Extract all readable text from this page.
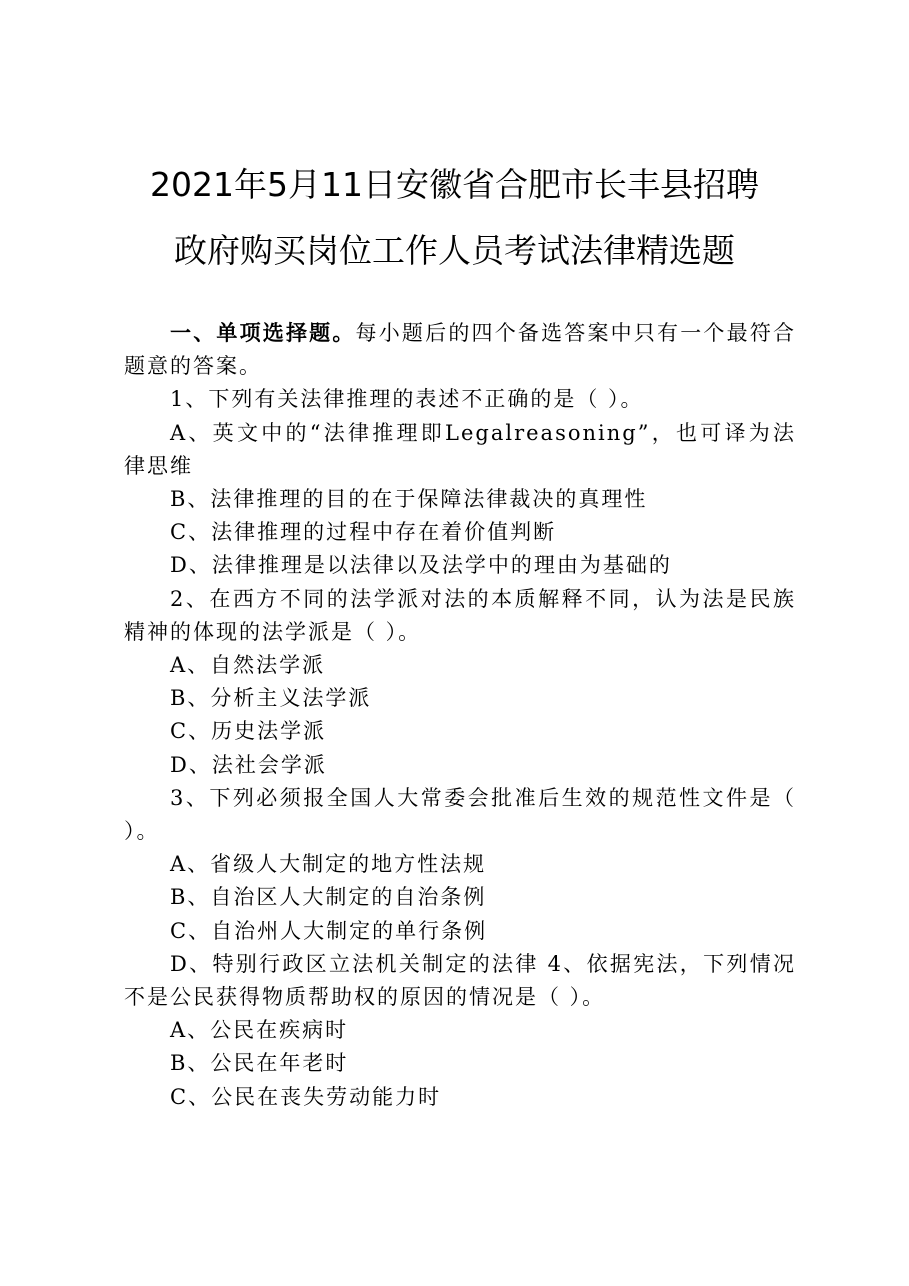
2021年5月11日安徽省合肥市长丰县招聘
政府购买岗位工作人员考试法律精选题

一、单项选择题。每小题后的四个备选答案中只有一个最符合题意的答案。

1、下列有关法律推理的表述不正确的是（ ）。

A、英文中的“法律推理即Legalreasoning”，也可译为法律思维

B、法律推理的目的在于保障法律裁决的真理性

C、法律推理的过程中存在着价值判断

D、法律推理是以法律以及法学中的理由为基础的

2、在西方不同的法学派对法的本质解释不同，认为法是民族精神的体现的法学派是（ ）。

A、自然法学派

B、分析主义法学派

C、历史法学派

D、法社会学派

3、下列必须报全国人大常委会批准后生效的规范性文件是（ ）。

A、省级人大制定的地方性法规

B、自治区人大制定的自治条例

C、自治州人大制定的单行条例

D、特别行政区立法机关制定的法律 4、依据宪法，下列情况不是公民获得物质帮助权的原因的情况是（ ）。

A、公民在疾病时

B、公民在年老时

C、公民在丧失劳动能力时
